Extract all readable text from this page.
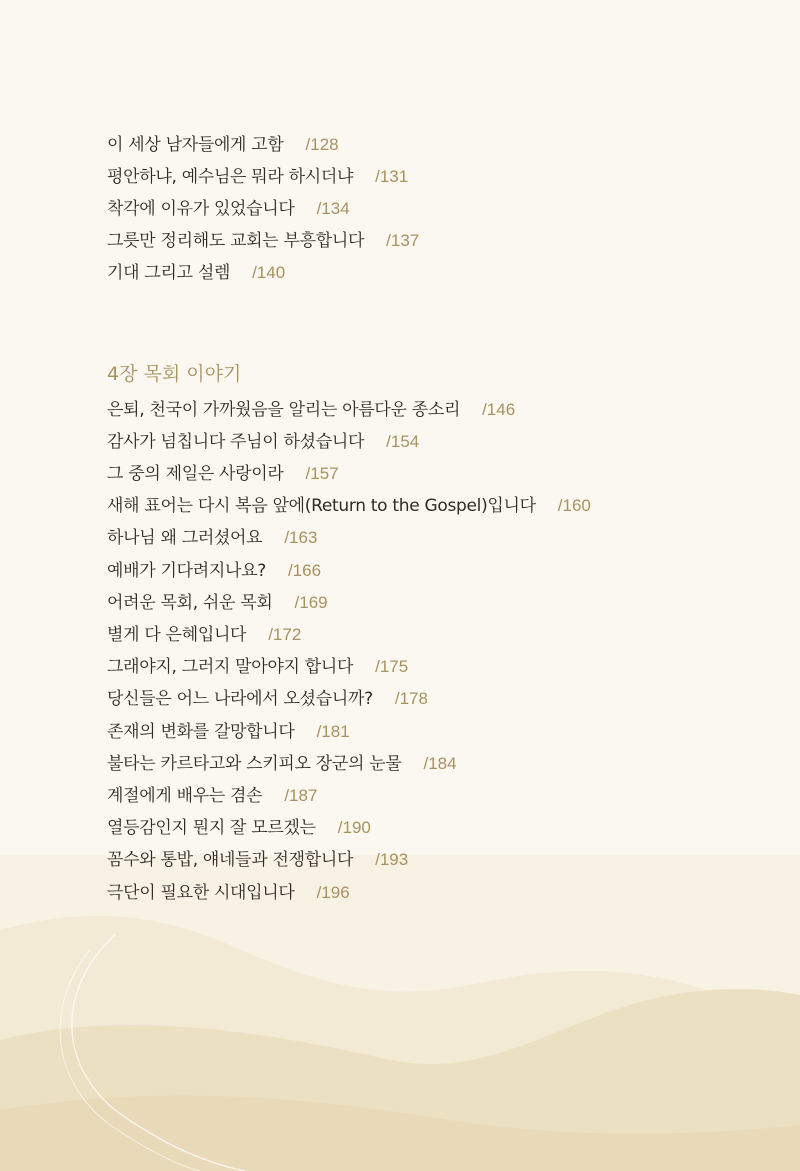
이 세상 남자들에게 고함 /128
평안하냐, 예수님은 뭐라 하시더냐 /131
착각에 이유가 있었습니다 /134
그릇만 정리해도 교회는 부흥합니다 /137
기대 그리고 설렘 /140
4장 목회 이야기
은퇴, 천국이 가까웠음을 알리는 아름다운 종소리 /146
감사가 넘칩니다 주님이 하셨습니다 /154
그 중의 제일은 사랑이라 /157
새해 표어는 다시 복음 앞에(Return to the Gospel)입니다 /160
하나님 왜 그러셨어요 /163
예배가 기다려지나요? /166
어려운 목회, 쉬운 목회 /169
별게 다 은혜입니다 /172
그래야지, 그러지 말아야지 합니다 /175
당신들은 어느 나라에서 오셨습니까? /178
존재의 변화를 갈망합니다 /181
불타는 카르타고와 스키피오 장군의 눈물 /184
계절에게 배우는 겸손 /187
열등감인지 뭔지 잘 모르겠는 /190
꼼수와 통밥, 얘네들과 전쟁합니다 /193
극단이 필요한 시대입니다 /196
